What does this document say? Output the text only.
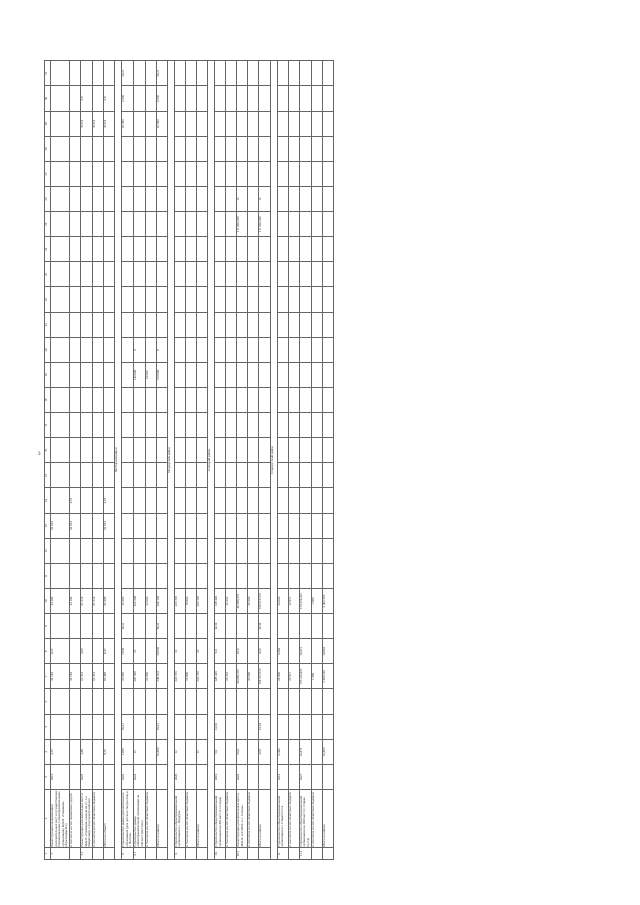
3
1	2	3	4	5	6	7	8	9	10	11	12	13	14	15	16	17	18	19	20	21	22	23	24	25	26	27	28	29	30	31
7.	Реконструкция (модернизация) дополнительных мест в государственных (муниципальных) общеобразовательных организациях МАОУ «Гимназия» (Красноармейск)	2016	4,57			34 184	4,57		34 184			34 184																		
	в том числе за счет бюджетных средств					34 184			34 184			34 184	4,57																	
7.1	Реконструкция дополнительных мест в МАОУ «Гимназия» (школа на ул. 1-я Фабричная), 1-й пусковой комплекс	2022	3,80			61 314	3,80		61 314																			61314	3,8	
	в том числе за счет областного бюджета					61 314			61 314																			61314		
	Итого по объекту		8,37			95 498	8,37		95 498			34 184	4,57															61314	3,8	
Пестовский район																														
8.	Строительство здания дополнительного образования (дом детского творчества) в г. Пестово	2022	1,836	19,21		26 596	1,836	19,21	26 596																			26 596	1,836	19,21
8.1	Строительство здания общеобразовательной организации на 240 мест (Пестово)	2024	15			226 508	15		226 508									140 000	8											
	в том числе за счет областного бюджета					22 000			22 000									14 000												
	Итого по району		16,836	19,21		249 104	16,836	19,21	249 104									154 000	8									26 596	1,836	19,21
Поддорский район																														
9.	Строительство общеобразовательной организации в с. Поддорье	2020	12			223 726	12		223 726																					
	в том числе за счет областного бюджета					18 900			18 900																					
	Итого по району		12			223 726	12		223 726																					
Солецкий район																														
10.	Строительство общеобразовательной организации на 400 мест (г. Сольцы)	2019	5,9	14,54		128 429	5,9	14,54	128 429																					
	в том числе за счет областного бюджета					25 252			25 252																					
10.1	Реконструкция дополнительных мест в МАОУ «СОШ № 1» г. Сольцы	2022	26,9			40 086,573	26,9		40 086,573															111 082,709	12					
	в том числе за счет областного бюджета					36 500			36 500																					
	Итого по району		32,8	14,54		168 515,573	32,8	14,54	168 515,573															111 082,709	12					
Старорусский район																														
11.	Строительство общеобразовательной организации в г. Старая Русса	2019	0,392			24 000	0,392		24 000																					
	в том числе за счет областного бюджета					22 911			22 911																					
11.1	Строительство общеобразовательной организации на 1000 мест (г. Старая Русса)	2021	10,471			173 219,427	10,471		173 219,427																					
	в том числе за счет областного бюджета					1 080			1 080																					
	Итого по району		10,863			5 405,793	10,863		5 405,793																					
